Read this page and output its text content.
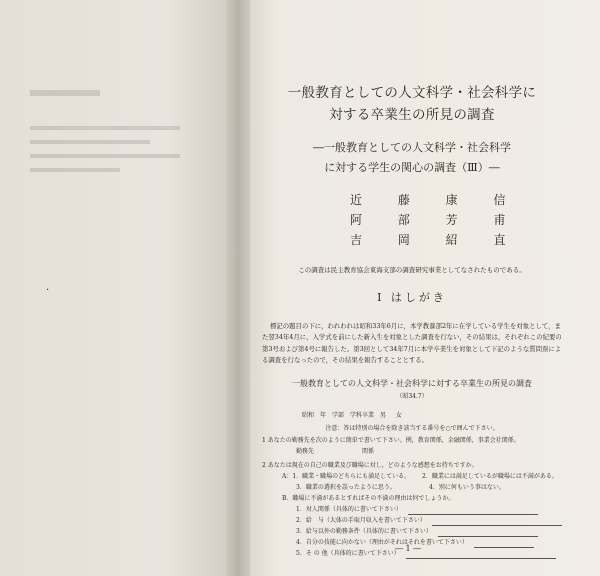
一般教育としての人文科学・社会科学に
対する卒業生の所見の調査
―一般教育としての人文科学・社会科学
に対する学生の関心の調査（Ⅲ）―
近 藤 康 信
阿 部 芳 甫
吉 岡 紹 直
この調査は民主教育協会東海支部の調査研究事業としてなされたものである。
Ⅰ はしがき
標記の題目の下に，われわれは昭和33年6月に，本学教養部2年に在学している学生を対象として，また翌34年4月に，入学式を前にした新入生を対象とした調査を行ない，その結果は，それぞれこの紀要の第3号および第4号に報告した。第3回として34年7月に本学卒業生を対象として下記のような質問票による調査を行なったので，その結果を報告することとする。
一般教育としての人文科学・社会科学に対する卒業生の所見の調査
（昭34.7）
昭和　年　学部　学科卒業　男 女
注意：答は特別の場合を除き該当する番号を○で囲んで下さい。
1 あなたの勤務先を次のように簡単で書いて下さい。例，教育関係，金融関係，事業会社関係。
勤務先　　　　　　　　関係
2 あなたは現在の自己の職業及び職場に対し，どのような感想をお持ちですか。
A：1．職業・職場のどちらにも満足している。	2．職業には満足しているが職場には不満がある。
3．職業の選択を誤ったように思う。	4．別に何もいう事はない。
B．職場に不満があるとすればその不満の理由は何でしょうか。
1．対人関係（具体的に書いて下さい）
2．給　与（大体の手取月収入を書いて下さい）
3．給与以外の勤務条件（具体的に書いて下さい）
4．自分の技能に向かない（理由がそれはそれを書いて下さい）
5．そ の 他（具体的に書いて下さい）
.
― 1 ―
